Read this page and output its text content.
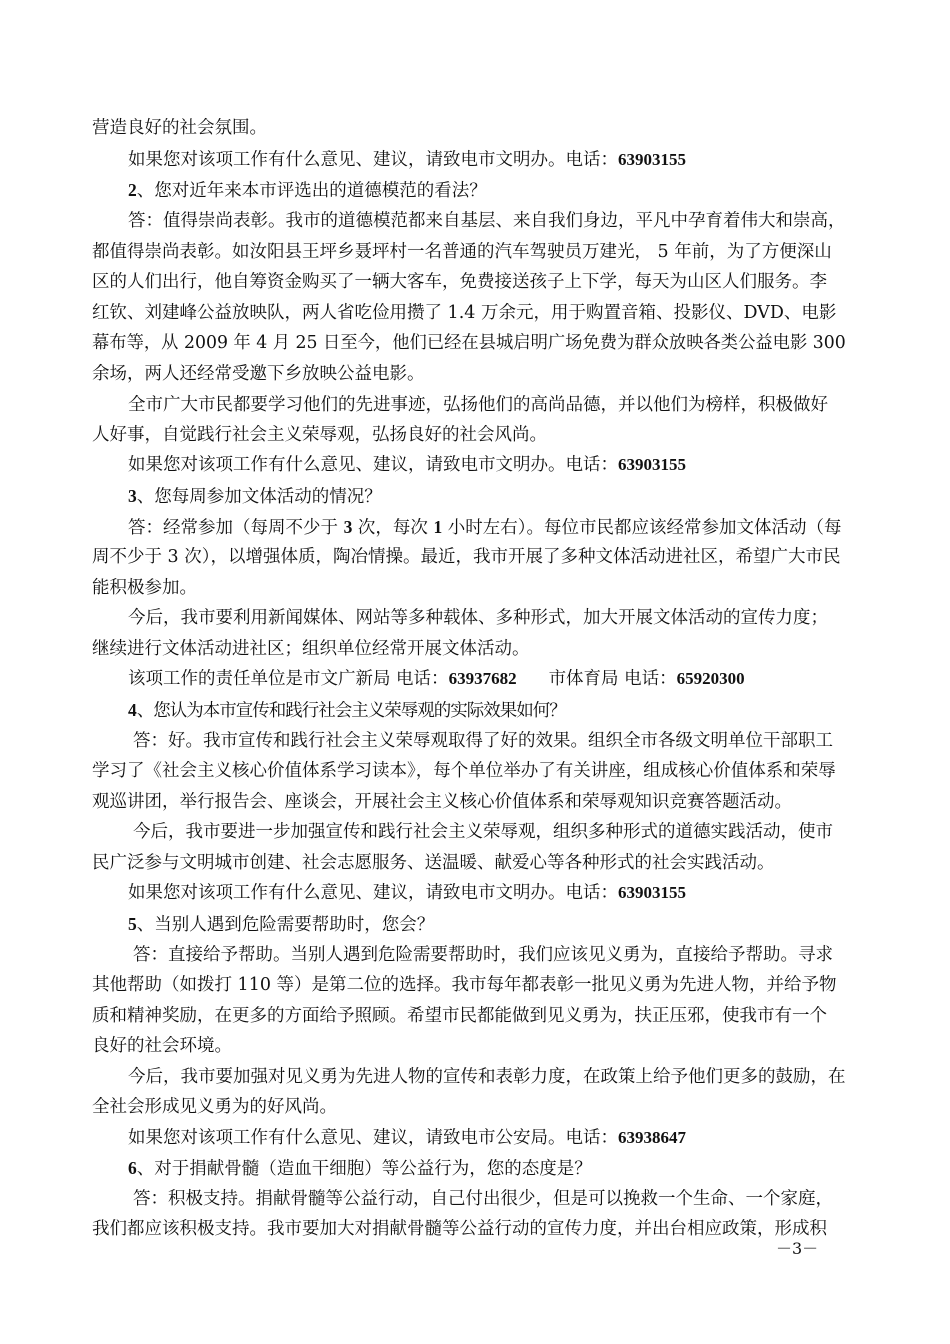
营造良好的社会氛围。
如果您对该项工作有什么意见、建议，请致电市文明办。电话：63903155
2、您对近年来本市评选出的道德模范的看法？
答：值得崇尚表彰。我市的道德模范都来自基层、来自我们身边，平凡中孕育着伟大和崇高，
都值得崇尚表彰。如汝阳县王坪乡聂坪村一名普通的汽车驾驶员万建光， 5 年前，为了方便深山
区的人们出行，他自筹资金购买了一辆大客车，免费接送孩子上下学，每天为山区人们服务。李
红钦、刘建峰公益放映队，两人省吃俭用攒了 1.4 万余元，用于购置音箱、投影仪、DVD、电影
幕布等，从 2009 年 4 月 25 日至今，他们已经在县城启明广场免费为群众放映各类公益电影 300
余场，两人还经常受邀下乡放映公益电影。
全市广大市民都要学习他们的先进事迹，弘扬他们的高尚品德，并以他们为榜样，积极做好
人好事，自觉践行社会主义荣辱观，弘扬良好的社会风尚。
如果您对该项工作有什么意见、建议，请致电市文明办。电话：63903155
3、您每周参加文体活动的情况？
答：经常参加（每周不少于 3 次，每次 1 小时左右）。每位市民都应该经常参加文体活动（每
周不少于 3 次），以增强体质，陶冶情操。最近，我市开展了多种文体活动进社区，希望广大市民
能积极参加。
今后，我市要利用新闻媒体、网站等多种载体、多种形式，加大开展文体活动的宣传力度；
继续进行文体活动进社区；组织单位经常开展文体活动。
该项工作的责任单位是市文广新局 电话：63937682 市体育局 电话：65920300
4、您认为本市宣传和践行社会主义荣辱观的实际效果如何？
答：好。我市宣传和践行社会主义荣辱观取得了好的效果。组织全市各级文明单位干部职工
学习了《社会主义核心价值体系学习读本》，每个单位举办了有关讲座，组成核心价值体系和荣辱
观巡讲团，举行报告会、座谈会，开展社会主义核心价值体系和荣辱观知识竞赛答题活动。
今后，我市要进一步加强宣传和践行社会主义荣辱观，组织多种形式的道德实践活动，使市
民广泛参与文明城市创建、社会志愿服务、送温暖、献爱心等各种形式的社会实践活动。
如果您对该项工作有什么意见、建议，请致电市文明办。电话：63903155
5、当别人遇到危险需要帮助时，您会？
答：直接给予帮助。当别人遇到危险需要帮助时，我们应该见义勇为，直接给予帮助。寻求
其他帮助（如拨打 110 等）是第二位的选择。我市每年都表彰一批见义勇为先进人物，并给予物
质和精神奖励，在更多的方面给予照顾。希望市民都能做到见义勇为，扶正压邪，使我市有一个
良好的社会环境。
今后，我市要加强对见义勇为先进人物的宣传和表彰力度，在政策上给予他们更多的鼓励，在
全社会形成见义勇为的好风尚。
如果您对该项工作有什么意见、建议，请致电市公安局。电话：63938647
6、对于捐献骨髓（造血干细胞）等公益行为，您的态度是？
答：积极支持。捐献骨髓等公益行动，自己付出很少，但是可以挽救一个生命、一个家庭，
我们都应该积极支持。我市要加大对捐献骨髓等公益行动的宣传力度，并出台相应政策，形成积
－3－
